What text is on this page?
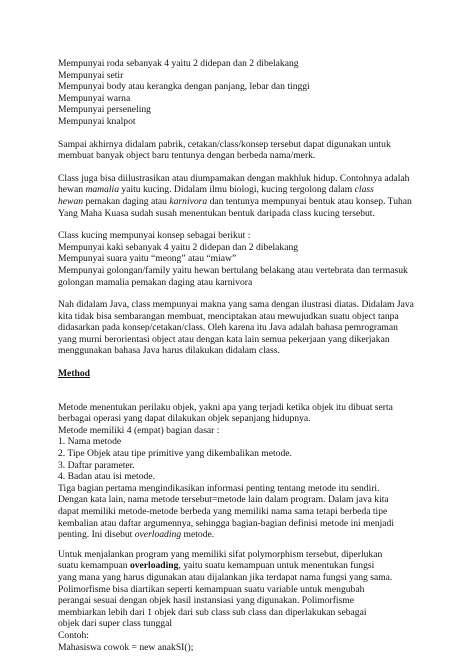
Mempunyai roda sebanyak 4 yaitu 2 didepan dan 2 dibelakang
Mempunyai setir
Mempunyai body atau kerangka dengan panjang, lebar dan tinggi
Mempunyai warna
Mempunyai perseneling
Mempunyai knalpot
Sampai akhirnya didalam pabrik, cetakan/class/konsep tersebut dapat digunakan untuk
membuat banyak object baru tentunya dengan berbeda nama/merk.
Class juga bisa diilustrasikan atau diumpamakan dengan makhluk hidup. Contohnya adalah
hewan mamalia yaitu kucing. Didalam ilmu biologi, kucing tergolong dalam class
hewan pemakan daging atau karnivora dan tentunya mempunyai bentuk atau konsep. Tuhan
Yang Maha Kuasa sudah susah menentukan bentuk daripada class kucing tersebut.
Class kucing mempunyai konsep sebagai berikut :
Mempunyai kaki sebanyak 4 yaitu 2 didepan dan 2 dibelakang
Mempunyai suara yaitu “meong” atau “miaw”
Mempunyai golongan/family yaitu hewan bertulang belakang atau vertebrata dan termasuk
golongan mamalia pemakan daging atau karnivora
Nah didalam Java, class mempunyai makna yang sama dengan ilustrasi diatas. Didalam Java
kita tidak bisa sembarangan membuat, menciptakan atau mewujudkan suatu object tanpa
didasarkan pada konsep/cetakan/class. Oleh karena itu Java adalah bahasa pemrograman
yang murni berorientasi object atau dengan kata lain semua pekerjaan yang dikerjakan
menggunakan bahasa Java harus dilakukan didalam class.
Method
Metode menentukan perilaku objek, yakni apa yang terjadi ketika objek itu dibuat serta
berbagai operasi yang dapat dilakukan objek sepanjang hidupnya.
Metode memiliki 4 (empat) bagian dasar :
1. Nama metode
2. Tipe Objek atau tipe primitive yang dikembalikan metode.
3. Daftar parameter.
4. Badan atau isi metode.
Tiga bagian pertama mengindikasikan informasi penting tentang metode itu sendiri.
Dengan kata lain, nama metode tersebut=metode lain dalam program. Dalam java kita
dapat memiliki metode-metode berbeda yang memiliki nama sama tetapi berbeda tipe
kembalian atau daftar argumennya, sehingga bagian-bagian definisi metode ini menjadi
penting. Ini disebut overloading metode.
Untuk menjalankan program yang memiliki sifat polymorphism tersebut, diperlukan
suatu kemampuan overloading, yaitu suatu kemampuan untuk menentukan fungsi
yang mana yang harus digunakan atau dijalankan jika terdapat nama fungsi yang sama.
Polimorfisme bisa diartikan seperti kemampuan suatu variable untuk mengubah
perangai sesuai dengan objek hasil instansiasi yang digunakan. Polimorfisme
membiarkan lebih dari 1 objek dari sub class sub class dan diperlakukan sebagai
objek dari super class tunggal
Contoh:
Mahasiswa cowok = new anakSI();
